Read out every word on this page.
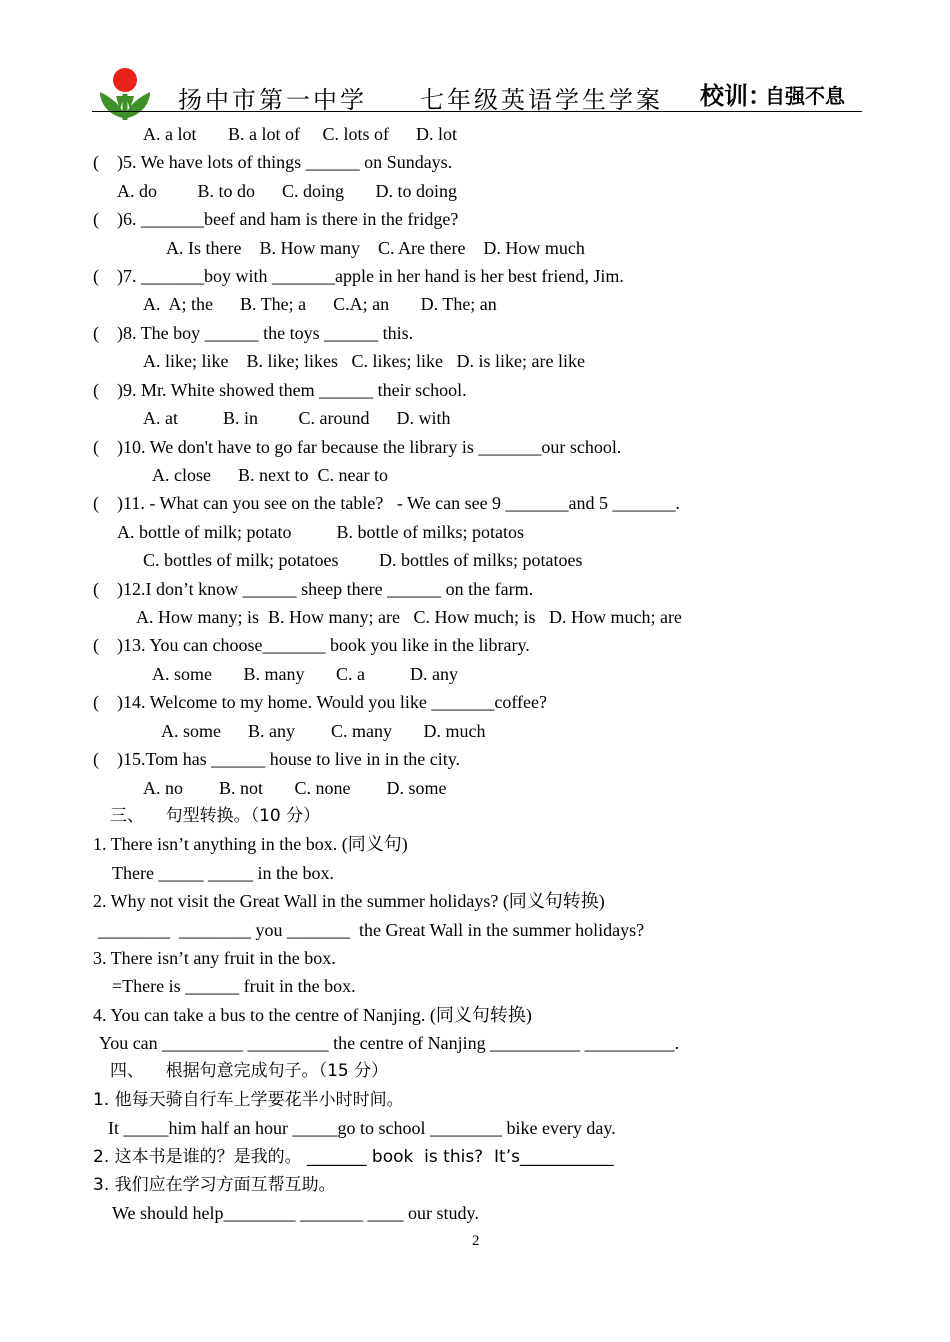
扬中市第一中学 七年级英语学生学案 校训：
自强不息
A. a lot       B. a lot of     C. lots of      D. lot
(    )5. We have lots of things ______ on Sundays.
A. do         B. to do      C. doing       D. to doing
(    )6. _______beef and ham is there in the fridge?
A. Is there    B. How many    C. Are there    D. How much
(    )7. _______boy with _______apple in her hand is her best friend, Jim.
A.  A; the      B. The; a      C.A; an       D. The; an
(    )8. The boy ______ the toys ______ this.
A. like; like    B. like; likes   C. likes; like   D. is like; are like
(    )9. Mr. White showed them ______ their school.
A. at          B. in         C. around      D. with
(    )10. We don't have to go far because the library is _______our school.
A. close      B. next to  C. near to
(    )11. - What can you see on the table?   - We can see 9 _______and 5 _______.
A. bottle of milk; potato          B. bottle of milks; potatos
C. bottles of milk; potatoes         D. bottles of milks; potatoes
(    )12.I don’t know ______ sheep there ______ on the farm.
A. How many; is  B. How many; are   C. How much; is   D. How much; are
(    )13. You can choose_______ book you like in the library.
A. some       B. many       C. a          D. any
(    )14. Welcome to my home. Would you like _______coffee?
A. some      B. any        C. many       D. much
(    )15.Tom has ______ house to live in in the city.
A. no        B. not       C. none        D. some
三、    句型转换。（10 分）
1. There isn’t anything in the box. (同义句)
There _____ _____ in the box.
2. Why not visit the Great Wall in the summer holidays? (同义句转换)
________  ________ you _______  the Great Wall in the summer holidays?
3. There isn’t any fruit in the box.
=There is ______ fruit in the box.
4. You can take a bus to the centre of Nanjing. (同义句转换)
You can _________ _________ the centre of Nanjing __________ __________.
四、    根据句意完成句子。（15 分）
1. 他每天骑自行车上学要花半小时时间。
It _____him half an hour _____go to school ________ bike every day.
2. 这本书是谁的？是我的。 _______ book  is this?  It’s___________
3. 我们应在学习方面互帮互助。
We should help________ _______ ____ our study.
2
